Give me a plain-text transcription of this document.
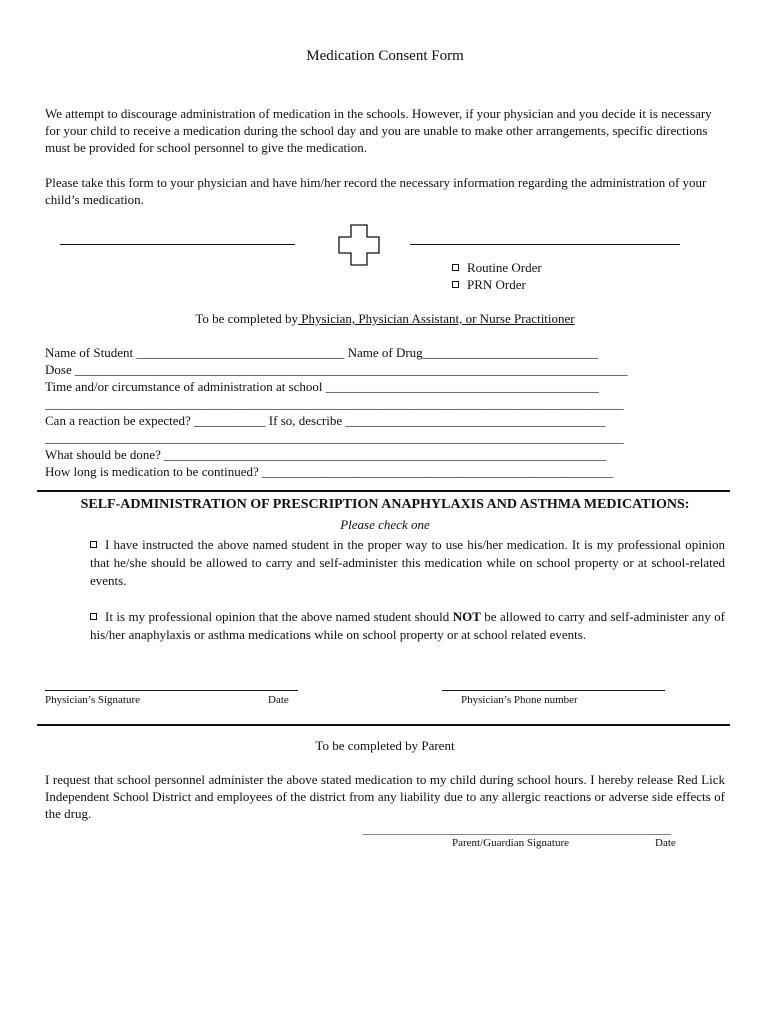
Medication Consent Form
We attempt to discourage administration of medication in the schools. However, if your physician and you decide it is necessary for your child to receive a medication during the school day and you are unable to make other arrangements, specific directions must be provided for school personnel to give the medication.
Please take this form to your physician and have him/her record the necessary information regarding the administration of your child’s medication.
Routine Order
PRN Order
To be completed by Physician, Physician Assistant, or Nurse Practitioner
Name of Student ________________________________ Name of Drug___________________________
Dose _____________________________________________________________________________________
Time and/or circumstance of administration at school __________________________________________
_________________________________________________________________________________________
Can a reaction be expected? ___________ If so, describe ________________________________________
_________________________________________________________________________________________
What should be done? ____________________________________________________________________
How long is medication to be continued? ______________________________________________________
SELF-ADMINISTRATION OF PRESCRIPTION ANAPHYLAXIS AND ASTHMA MEDICATIONS:
Please check one
I have instructed the above named student in the proper way to use his/her medication. It is my professional opinion that he/she should be allowed to carry and self-administer this medication while on school property or at school-related events.
It is my professional opinion that the above named student should NOT be allowed to carry and self-administer any of his/her anaphylaxis or asthma medications while on school property or at school related events.
Physician’s Signature	Date	Physician’s Phone number
To be completed by Parent
I request that school personnel administer the above stated medication to my child during school hours. I hereby release Red Lick Independent School District and employees of the district from any liability due to any allergic reactions or adverse side effects of the drug.
________________________________________________________
Parent/Guardian Signature	Date
